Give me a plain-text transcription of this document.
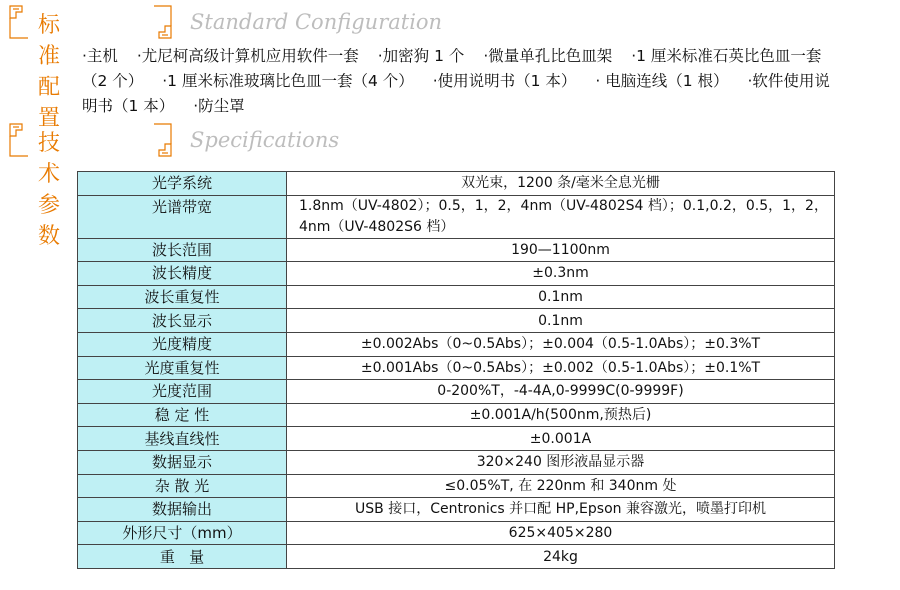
标准配置
Standard Configuration
·主机 ·尤尼柯高级计算机应用软件一套 ·加密狗 1 个 ·微量单孔比色皿架 ·1 厘米标准石英比色皿一套（2 个） ·1 厘米标准玻璃比色皿一套（4 个） ·使用说明书（1 本） · 电脑连线（1 根） ·软件使用说明书（1 本） ·防尘罩
技术参数
Specifications
光学系统	双光束，1200 条/毫米全息光栅
光谱带宽	1.8nm（UV-4802）；0.5，1，2，4nm（UV-4802S4 档）；0.1,0.2，0.5，1，2，4nm（UV-4802S6 档）
波长范围	190—1100nm
波长精度	±0.3nm
波长重复性	0.1nm
波长显示	0.1nm
光度精度	±0.002Abs（0~0.5Abs）；±0.004（0.5-1.0Abs）；±0.3%T
光度重复性	±0.001Abs（0~0.5Abs）；±0.002（0.5-1.0Abs）；±0.1%T
光度范围	0-200%T，-4-4A,0-9999C(0-9999F)
稳 定 性	±0.001A/h(500nm,预热后)
基线直线性	±0.001A
数据显示	320×240 图形液晶显示器
杂 散 光	≤0.05%T, 在 220nm 和 340nm 处
数据输出	USB 接口，Centronics 并口配 HP,Epson 兼容激光，喷墨打印机
外形尺寸（mm）	625×405×280
重   量	24kg
